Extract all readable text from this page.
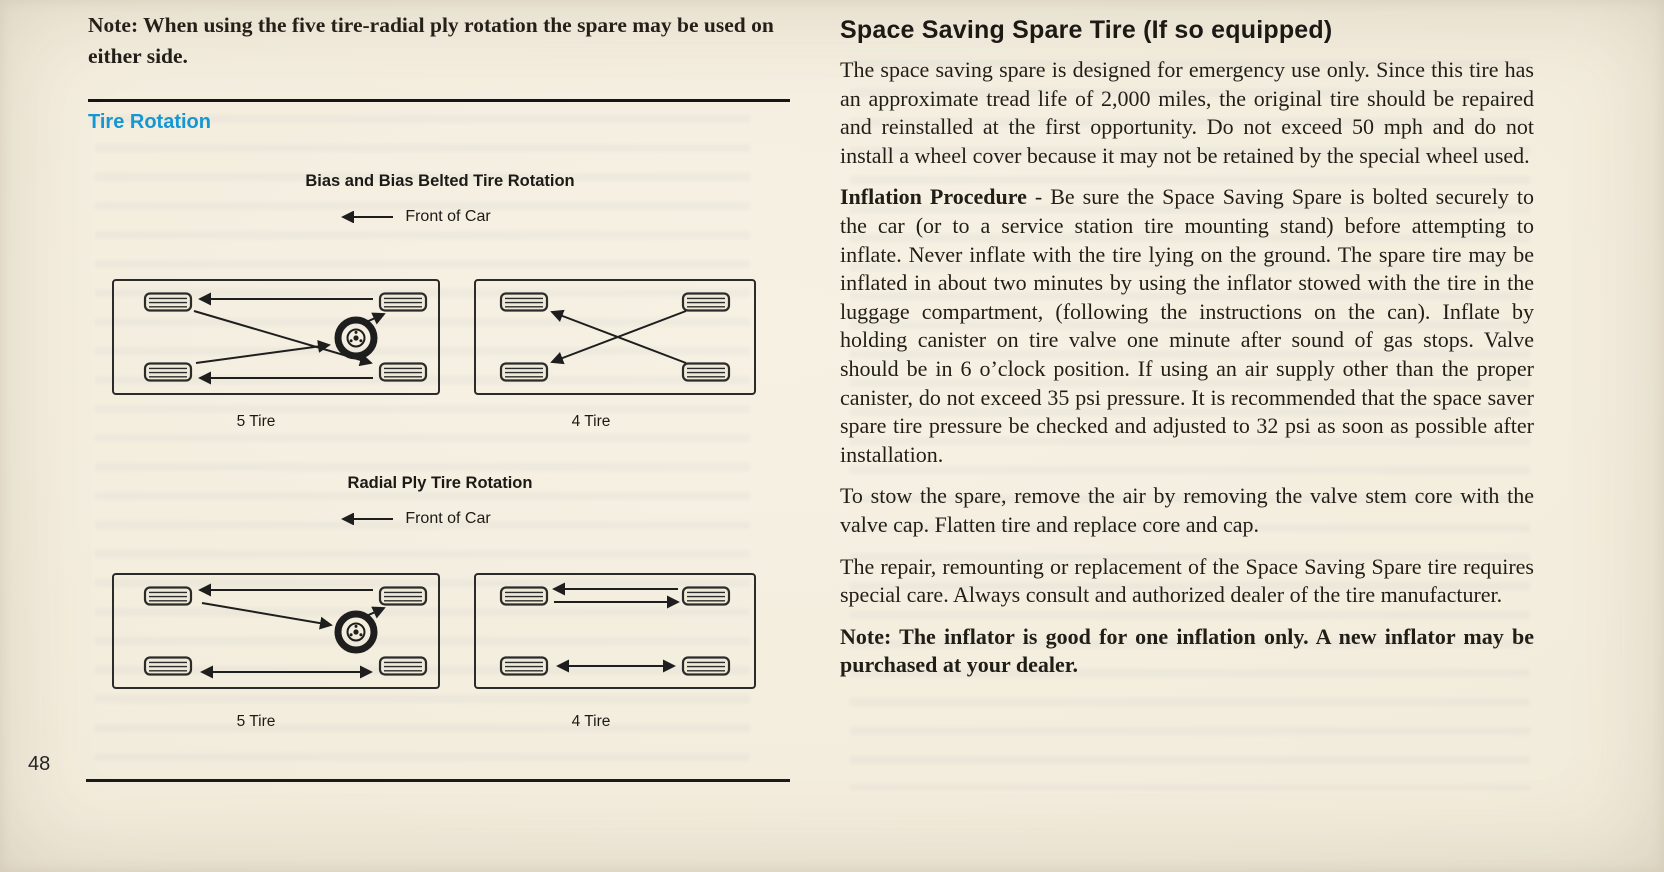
Note: When using the five tire-radial ply rotation the spare may be used on either side.

Tire Rotation
Bias and Bias Belted Tire Rotation
Front of Car
5 Tire	4 Tire
Radial Ply Tire Rotation
Front of Car
5 Tire	4 Tire
Space Saving Spare Tire (If so equipped)

The space saving spare is designed for emergency use only. Since this tire has an approximate tread life of 2,000 miles, the original tire should be repaired and reinstalled at the first opportunity. Do not exceed 50 mph and do not install a wheel cover because it may not be retained by the special wheel used.

Inflation Procedure - Be sure the Space Saving Spare is bolted securely to the car (or to a service station tire mounting stand) before attempting to inflate. Never inflate with the tire lying on the ground. The spare tire may be inflated in about two minutes by using the inflator stowed with the tire in the luggage compartment, (following the instructions on the can). Inflate by holding canister on tire valve one minute after sound of gas stops. Valve should be in 6 o’clock position. If using an air supply other than the proper canister, do not exceed 35 psi pressure. It is recommended that the space saver spare tire pressure be checked and adjusted to 32 psi as soon as possible after installation.

To stow the spare, remove the air by removing the valve stem core with the valve cap. Flatten tire and replace core and cap.

The repair, remounting or replacement of the Space Saving Spare tire requires special care. Always consult and authorized dealer of the tire manufacturer.

Note: The inflator is good for one inflation only. A new inflator may be purchased at your dealer.

48
